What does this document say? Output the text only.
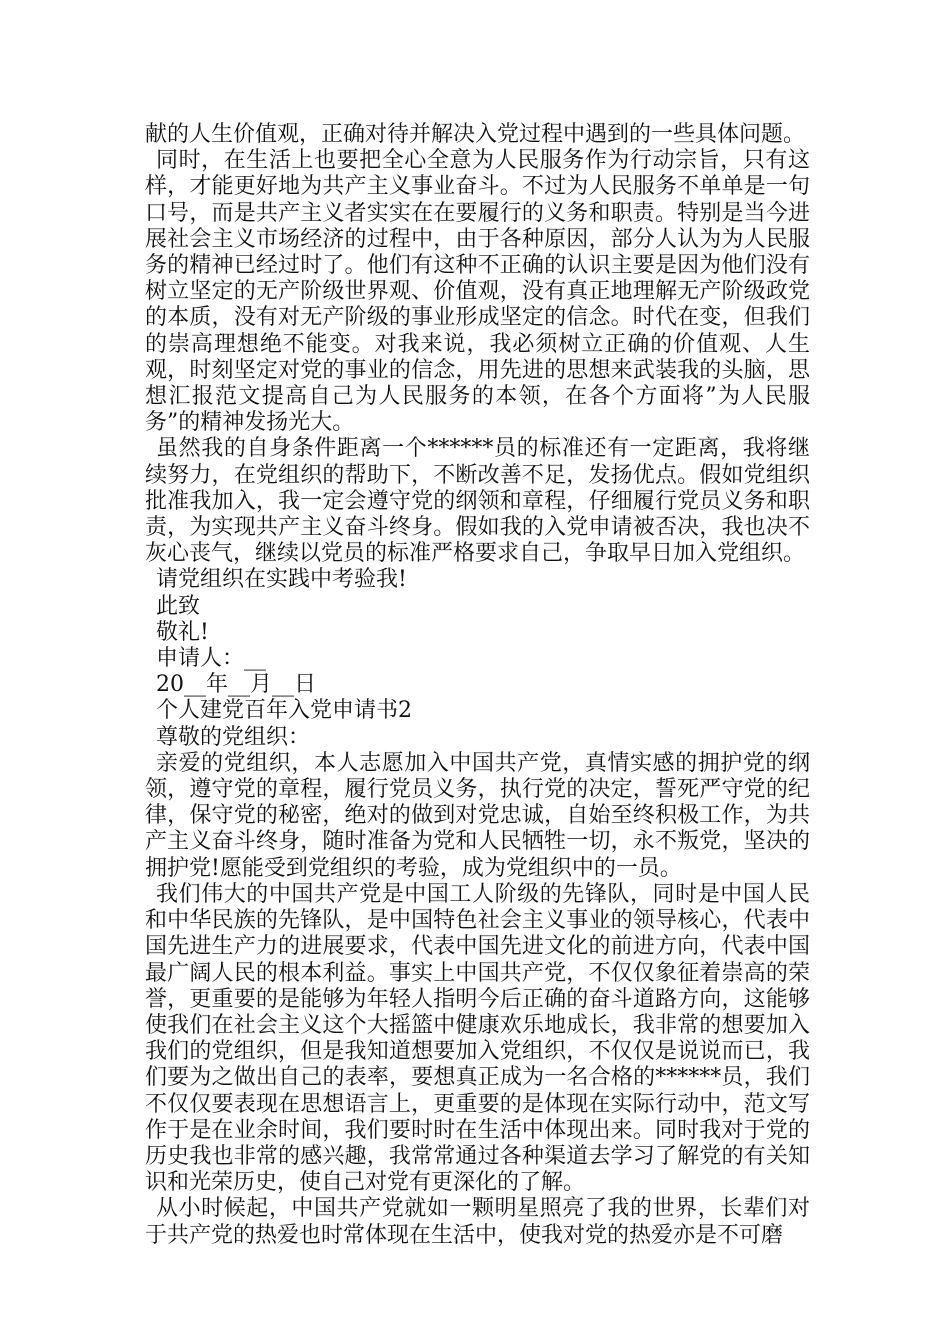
献的人生价值观，正确对待并解决入党过程中遇到的一些具体问题。

同时，在生活上也要把全心全意为人民服务作为行动宗旨，只有这样，才能更好地为共产主义事业奋斗。不过为人民服务不单单是一句口号，而是共产主义者实实在在要履行的义务和职责。特别是当今进展社会主义市场经济的过程中，由于各种原因，部分人认为为人民服务的精神已经过时了。他们有这种不正确的认识主要是因为他们没有树立坚定的无产阶级世界观、价值观，没有真正地理解无产阶级政党的本质，没有对无产阶级的事业形成坚定的信念。时代在变，但我们的崇高理想绝不能变。对我来说，我必须树立正确的价值观、人生观，时刻坚定对党的事业的信念，用先进的思想来武装我的头脑，思想汇报范文提高自己为人民服务的本领，在各个方面将”为人民服务”的精神发扬光大。

虽然我的自身条件距离一个******员的标准还有一定距离，我将继续努力，在党组织的帮助下，不断改善不足，发扬优点。假如党组织批准我加入，我一定会遵守党的纲领和章程，仔细履行党员义务和职责，为实现共产主义奋斗终身。假如我的入党申请被否决，我也决不灰心丧气，继续以党员的标准严格要求自己，争取早日加入党组织。

请党组织在实践中考验我!

此致

敬礼!

申请人：__

20__年__月__日

个人建党百年入党申请书2

尊敬的党组织：

亲爱的党组织，本人志愿加入中国共产党，真情实感的拥护党的纲领，遵守党的章程，履行党员义务，执行党的决定，誓死严守党的纪律，保守党的秘密，绝对的做到对党忠诚，自始至终积极工作，为共产主义奋斗终身，随时准备为党和人民牺牲一切，永不叛党，坚决的拥护党!愿能受到党组织的考验，成为党组织中的一员。

我们伟大的中国共产党是中国工人阶级的先锋队，同时是中国人民和中华民族的先锋队，是中国特色社会主义事业的领导核心，代表中国先进生产力的进展要求，代表中国先进文化的前进方向，代表中国最广阔人民的根本利益。事实上中国共产党，不仅仅象征着崇高的荣誉，更重要的是能够为年轻人指明今后正确的奋斗道路方向，这能够使我们在社会主义这个大摇篮中健康欢乐地成长，我非常的想要加入我们的党组织，但是我知道想要加入党组织，不仅仅是说说而已，我们要为之做出自己的表率，要想真正成为一名合格的******员，我们不仅仅要表现在思想语言上，更重要的是体现在实际行动中，范文写作于是在业余时间，我们要时时在生活中体现出来。同时我对于党的历史我也非常的感兴趣，我常常通过各种渠道去学习了解党的有关知识和光荣历史，使自己对党有更深化的了解。

从小时候起，中国共产党就如一颗明星照亮了我的世界，长辈们对于共产党的热爱也时常体现在生活中，使我对党的热爱亦是不可磨
